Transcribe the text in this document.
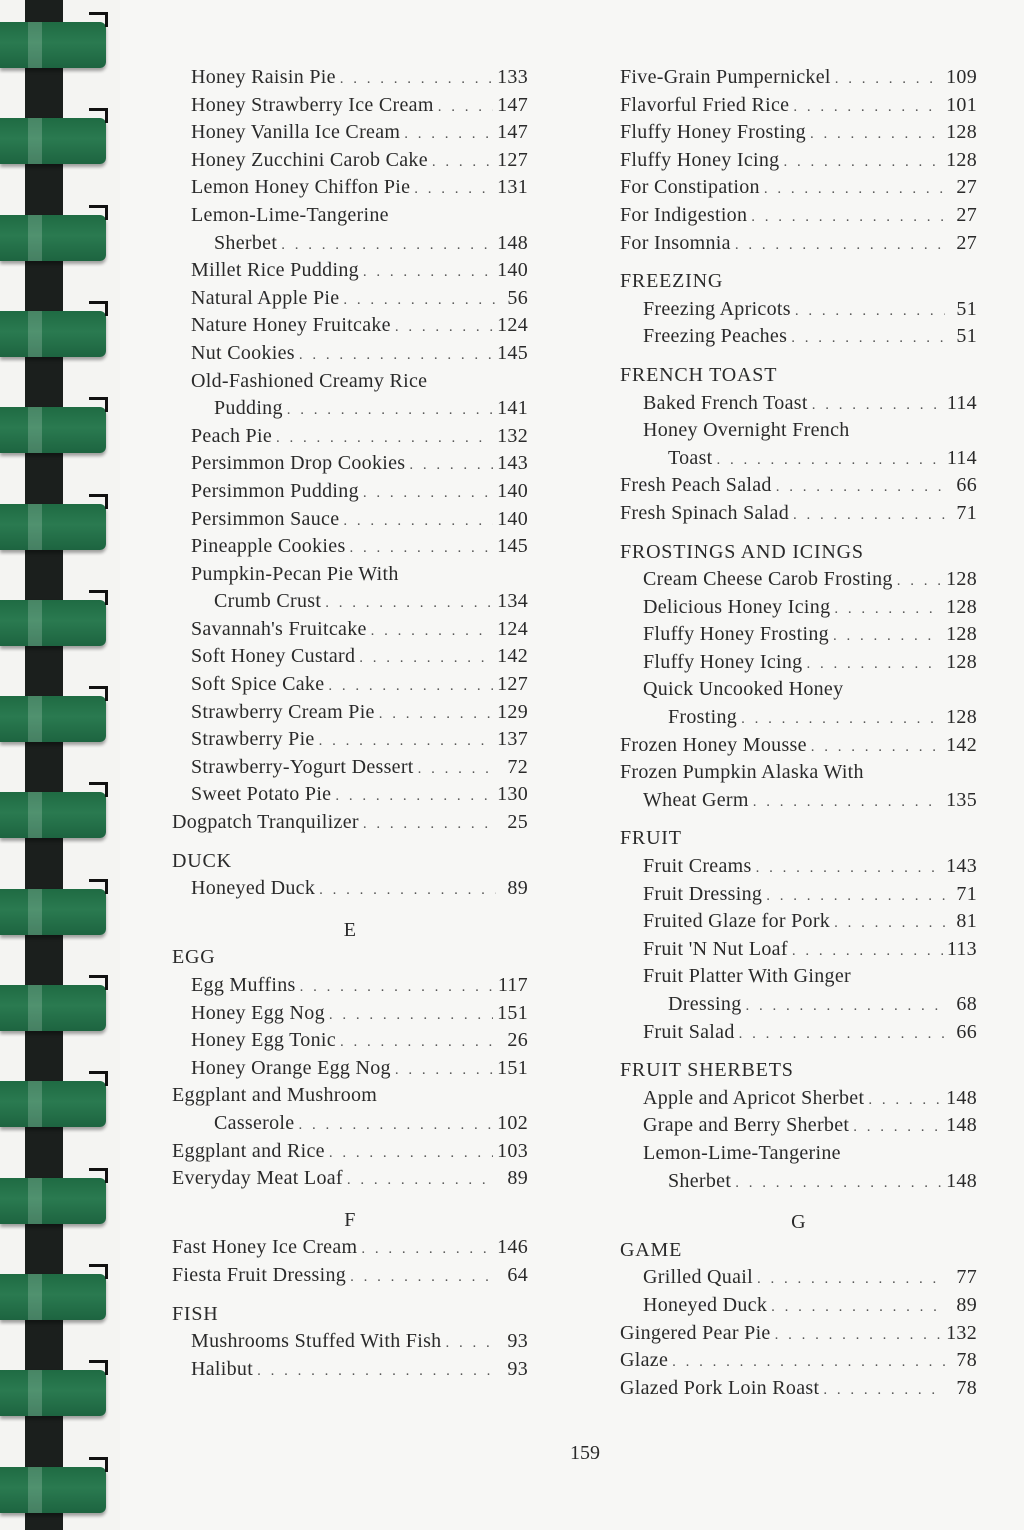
Honey Raisin Pie . . .	133
Honey Strawberry Ice Cream . . .	147
Honey Vanilla Ice Cream . . .	147
Honey Zucchini Carob Cake . . .	127
Lemon Honey Chiffon Pie . . .	131
Lemon-Lime-Tangerine
Sherbet . . .	148
Millet Rice Pudding . . .	140
Natural Apple Pie . . .	56
Nature Honey Fruitcake . . .	124
Nut Cookies . . .	145
Old-Fashioned Creamy Rice
Pudding . . .	141
Peach Pie . . .	132
Persimmon Drop Cookies . . .	143
Persimmon Pudding . . .	140
Persimmon Sauce . . .	140
Pineapple Cookies . . .	145
Pumpkin-Pecan Pie With
Crumb Crust . . .	134
Savannah's Fruitcake . . .	124
Soft Honey Custard . . .	142
Soft Spice Cake . . .	127
Strawberry Cream Pie . . .	129
Strawberry Pie . . .	137
Strawberry-Yogurt Dessert . . .	72
Sweet Potato Pie . . .	130
Dogpatch Tranquilizer . . .	25
DUCK
Honeyed Duck . . .	89
E
EGG
Egg Muffins . . .	117
Honey Egg Nog . . .	151
Honey Egg Tonic . . .	26
Honey Orange Egg Nog . . .	151
Eggplant and Mushroom
Casserole . . .	102
Eggplant and Rice . . .	103
Everyday Meat Loaf . . .	89
F
Fast Honey Ice Cream . . .	146
Fiesta Fruit Dressing . . .	64
FISH
Mushrooms Stuffed With Fish . . .	93
Halibut . . .	93
Five-Grain Pumpernickel . . .	109
Flavorful Fried Rice . . .	101
Fluffy Honey Frosting . . .	128
Fluffy Honey Icing . . .	128
For Constipation . . .	27
For Indigestion . . .	27
For Insomnia . . .	27
FREEZING
Freezing Apricots . . .	51
Freezing Peaches . . .	51
FRENCH TOAST
Baked French Toast . . .	114
Honey Overnight French
Toast . . .	114
Fresh Peach Salad . . .	66
Fresh Spinach Salad . . .	71
FROSTINGS AND ICINGS
Cream Cheese Carob Frosting . . .	128
Delicious Honey Icing . . .	128
Fluffy Honey Frosting . . .	128
Fluffy Honey Icing . . .	128
Quick Uncooked Honey
Frosting . . .	128
Frozen Honey Mousse . . .	142
Frozen Pumpkin Alaska With
Wheat Germ . . .	135
FRUIT
Fruit Creams . . .	143
Fruit Dressing . . .	71
Fruited Glaze for Pork . . .	81
Fruit 'N Nut Loaf . . .	113
Fruit Platter With Ginger
Dressing . . .	68
Fruit Salad . . .	66
FRUIT SHERBETS
Apple and Apricot Sherbet . . .	148
Grape and Berry Sherbet . . .	148
Lemon-Lime-Tangerine
Sherbet . . .	148
G
GAME
Grilled Quail . . .	77
Honeyed Duck . . .	89
Gingered Pear Pie . . .	132
Glaze . . .	78
Glazed Pork Loin Roast . . .	78
159
